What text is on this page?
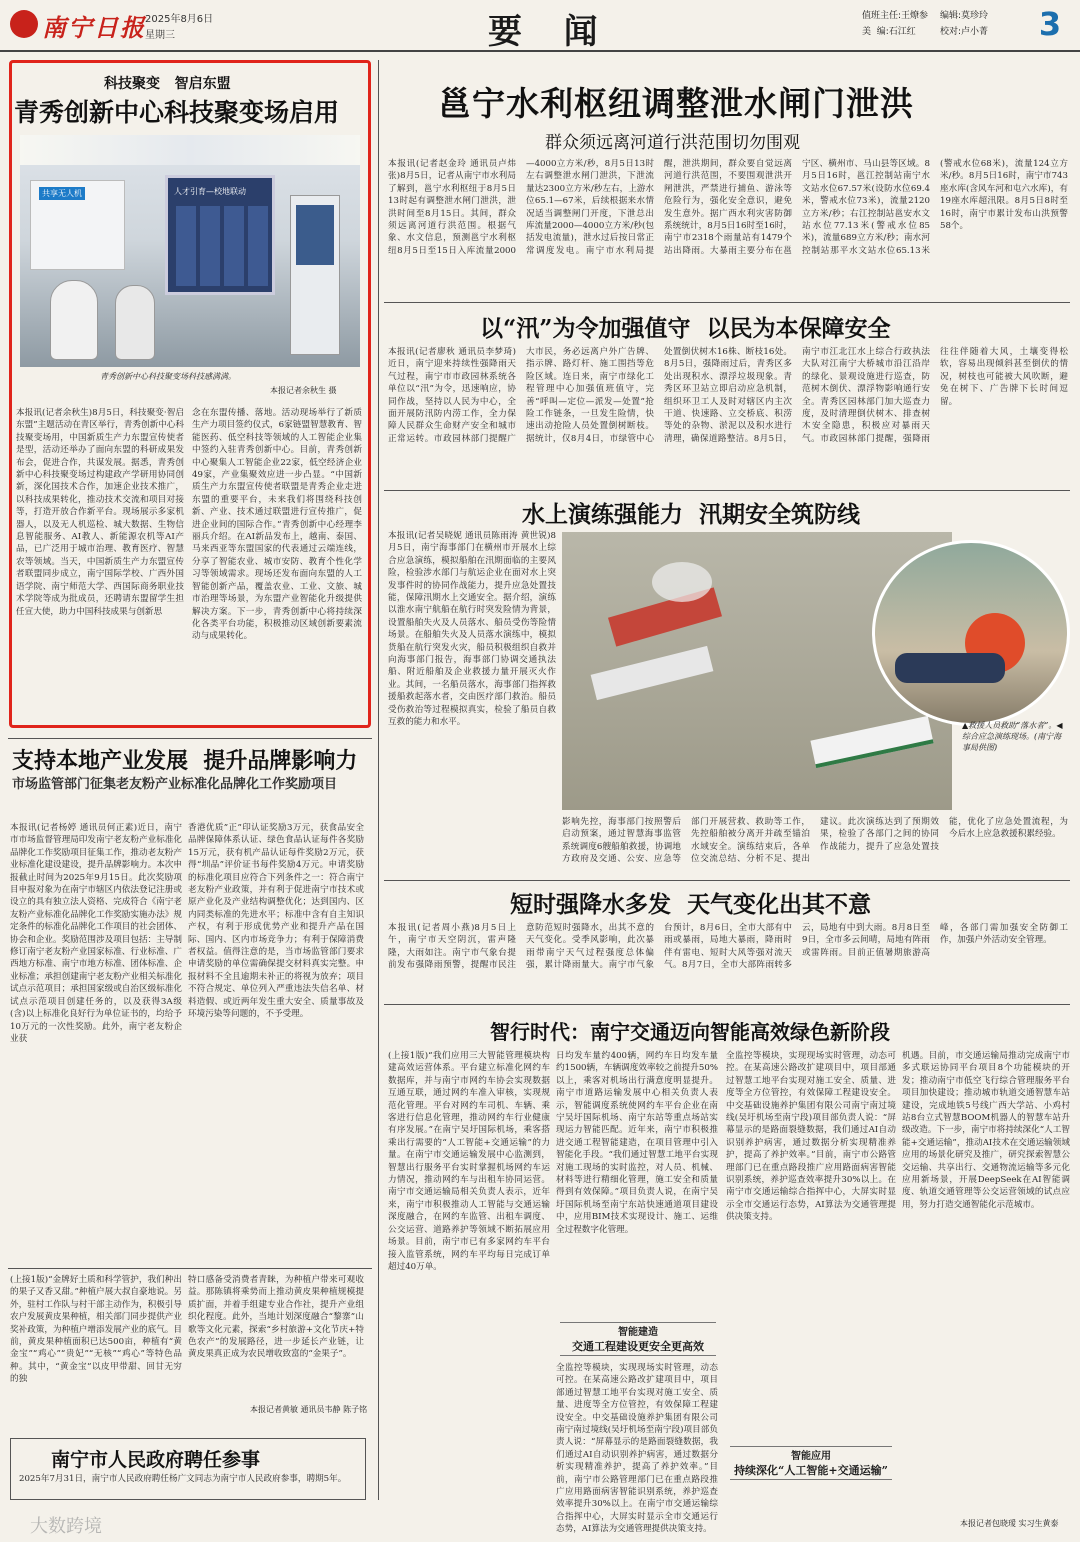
南宁日报 2025年8月6日
星期三	要  闻	值班主任:王燎参 编辑:莫珍玲
美  编:石江红	校对:卢小菁 3
科技聚变   智启东盟
青秀创新中心科技聚变场启用
人才引育—校地联动
共享无人机
青秀创新中心科技聚变场科技感满满。
本报记者余秋生 摄
本报讯(记者余秋生)8月5日，科技聚变·智启东盟”主题活动在青区举行，青秀创新中心科技聚变场用，中国新质生产力东盟宣传使者是型，活动还举办了面向东盟的科研成果发布会，促进合作，共谋发展。据悉，青秀创新中心科技聚变场过构建政产学研用协同创新，深化国技术合作，加速企业技术推广，以科技成果转化，推动技术交流和项目对接等，打造开放合作新平台。现场展示多家机器人，以及无人机巡检、城大数据、生物信息智能服务、AI教人、新能源农机等AI产品，已广泛用于城市治理、教育医疗、智慧农等领域。当天，中国新质生产力东盟宣传者联盟同步成立，南宁国际学校、广西外国语学院、南宁师范大学、西国际商务职业技术学院等成为批成员，还聘请东盟留学生担任宣大使，助力中国科技成果与创新思
念在东盟传播、落地。活动现场举行了新质生产力项目签约仪式，6家链盟智慧教育、智能医药、低空科技等领域的人工智能企业集中签约入驻青秀创新中心。目前，青秀创新中心聚集人工智能企业22家，低空经济企业49家，产业集聚效应进一步凸显。“中国新质生产力东盟宣传使者联盟是青秀企业走进东盟的重要平台，未来我们将围绕科技创新、产业、技术通过联盟进行宣传推广，促进企业间的国际合作。”青秀创新中心经理李丽兵介绍。在AI新品发布上，越南、泰国、马来西亚等东盟国家的代表通过云端连线，分享了智能农业、城市安防、教育个性化学习等领域需求。现场还发布面向东盟的人工智能创新产品，覆盖农业、工业、文旅、城市治理等场景，为东盟产业智能化升级提供解决方案。下一步，青秀创新中心将持续深化各类平台功能，积极推动区域创新要素流动与成果转化。
支持本地产业发展  提升品牌影响力
市场监管部门征集老友粉产业标准化品牌化工作奖励项目
本报讯(记者杨婷 通讯员何正素)近日，南宁市市场监督管理局印发南宁老友粉产业标准化品牌化工作奖励项目征集工作，推动老友粉产业标准化建设建设，提升品牌影响力。本次申报截止时间为2025年9月15日。此次奖励项目申报对象为在南宁市辖区内依法登记注册或设立的具有独立法人资格、完成符合《南宁老友粉产业标准化品牌化工作奖励实施办法》规定条件的标准化品牌化工作项目的社会团体、协会和企业。奖励范围涉及项目包括：主导制修订南宁老友粉产业国家标准、行业标准、广西地方标准、南宁市地方标准、团体标准、企业标准；承担创建南宁老友粉产业相关标准化试点示范项目；承担国家级或自治区级标准化试点示范项目创建任务的，以及获得3A级(含)以上标准化良好行为单位证书的，均给予10万元的一次性奖励。此外，南宁老友粉企业获
香港优质”正”印认证奖励3万元，获食品安全品牌保障体系认证、绿色食品认证每件各奖励15万元，获有机产品认证每件奖励2万元，获得“圳品”评价证书每件奖励4万元。申请奖励的标准化项目应符合下列条件之一：符合南宁老友粉产业政策，并有利于促进南宁市技术或原产业化及产业结构调整优化；达到国内、区内同类标准的先进水平；标准中含有自主知识产权，有利于形成优势产业和提升产品在国际、国内、区内市场竞争力；有利于保障消费者权益。值得注意的是，当市场监管部门要求申请奖励的单位需确保提交材料真实完整。申报材料不全且逾期未补正的将视为放弃；项目不符合规定、单位列入严重违法失信名单、材料造假、或近两年发生重大安全、质量事故及环境污染等问题的，不予受理。
(上接1版)“金牌好土质和科学管护，我们种出的果子又香又甜。”种植户展大叔自豪地说。另外，驻村工作队与村干部主动作为，积极引导农户发展黄皮果种植，相关部门同步提供产业奖补政策，为种植户增添发展产业的底气。目前，黄皮果种植面积已达500亩，种植有“黄金宝”“鸡心”“贵妃”“无核”“鸡心”等特色品种。其中，“黄金宝”以皮甲带甜、回甘无穷的独
特口感备受消费者青睐，为种植户带来可观收益。那陈镇将乘势而上推动黄皮果种植规模提质扩面，并着手组建专业合作社，提升产业组织化程度。此外，当地计划深度融合“黎寨”山歌等文化元素，探索“乡村旅游+文化节庆+特色农产”的发展路径，进一步延长产业链，让黄皮果真正成为农民增收致富的“金果子”。
本报记者黄敏 通讯员韦静 陈子铭
南宁市人民政府聘任参事
2025年7月31日，南宁市人民政府聘任杨广文同志为南宁市人民政府参事，聘期5年。
邕宁水利枢纽调整泄水闸门泄洪
群众须远离河道行洪范围切勿围观
本报讯(记者赵金玲 通讯员卢炜张)8月5日，记者从南宁市水利局了解到，邕宁水利枢纽于8月5日13时起有调整泄水闸门泄洪，泄洪时间至8月15日。其间，群众须远离河道行洪范围。根据气象、水文信息，预测邕宁水利枢纽8月5日至15日入库流量2000—4000立方米/秒，8月5日13时左右调整泄水闸门泄洪，下泄流量达2300立方米/秒左右，上游水位65.1—67米，后续根据来水情况适当调整闸门开度，下泄总出库流量2000—4000立方米/秒(包括发电流量)，泄水过后按日常正常调度发电。南宁市水利局提醒，泄洪期间，群众要自觉远离河道行洪范围，不要围观泄洪开闸泄洪，严禁进行捕鱼、游泳等危险行为，强化安全意识，避免发生意外。据广西水利灾害防御系统统计，8月5日16时至16时，南宁市2318个雨量站有1479个站出降雨。大暴雨主要分布在邕宁区、横州市、马山县等区域。8月5日16时，邕江控制站南宁水文站水位67.57米(设防水位69.4米，警戒水位73米)，流量2120立方米/秒；右江控制站邕安水文站水位77.13米(警戒水位85米)，流量689立方米/秒；南水河控制站那平水文站水位65.13米(警戒水位68米)，流量124立方米/秒。8月5日16时，南宁市743座水库(含风车河和屯六水库)，有19座水库超汛限。8月5日8时至16时，南宁市累计发布山洪预警58个。
以“汛”为令加强值守  以民为本保障安全
本报讯(记者廖秋 通讯员李梦琦)近日，南宁迎来持续性强降雨天气过程，南宁市市政园林系统各单位以“汛”为令，迅速响应，协同作战，坚持以人民为中心，全面开展防汛防内涝工作，全力保障人民群众生命财产安全和城市正常运转。市政园林部门提醒广大市民，务必远离户外广告牌、指示牌、路灯杆、施工围挡等危险区域。连日来，南宁市绿化工程管理中心加强值班值守，完善“呼叫—定位—派发—处置”抢险工作链条，一旦发生险情，快速出动抢险人员处置倒树断枝。据统计，仅8月4日，市绿管中心处置倒伏树木16株、断枝16处。8月5日，强降雨过后，青秀区多处出现积水、漂浮垃圾现象。青秀区环卫站立即启动应急机制，组织环卫工人及时对辖区内主次干道、快速路、立交桥底、积涝等处的杂物、淤泥以及积水进行清理，确保道路整洁。8月5日，南宁市江北江水上综合行政执法大队对江南宁大桥城市沿江沿岸的绿化、景观设施进行巡查，防范树木倒伏、漂浮物影响通行安全。青秀区园林部门加大巡查力度，及时清理倒伏树木、排查树木安全隐患，积极应对暴雨天气。市政园林部门提醒，强降雨往往伴随着大风，土壤变得松软，容易出现倾斜甚至倒伏的情况，树枝也可能被大风吹断，避免在树下、广告牌下长时间逗留。
水上演练强能力  汛期安全筑防线
本报讯(记者吴晓妮 通讯员陈雨涛 黄世锐)8月5日，南宁海事部门在横州市开展水上综合应急演练，模拟船舶在汛期面临的主要风险，检验涉水部门与航运企业在面对水上突发事件时的协同作战能力，提升应急处置技能，保障汛期水上交通安全。据介绍，演练以淮水南宁航船在航行时突发险情为背景，设置船舶失火及人员落水、船员受伤等险情场景。在船舶失火及人员落水演练中，模拟货船在航行突发火灾，船员积极组织自救并向海事部门报告，海事部门协调交通执法船、附近船舶及企业救援力量开展灭火作业。其间，一名船员落水，海事部门指挥救援船救起落水者，交由医疗部门救治。船员受伤救治等过程模拟真实，检验了船员自救互救的能力和水平。	▲救援人员救助“落水者”。◀综合应急演练现场。(南宁海事局供图)
影响先控，海事部门按照警后启动预案，通过智慧海事监管系统调度6艘船舶救援，协调地方政府及交通、公安、应急等部门开展营救、救助等工作，先控船舶被分离开并疏至锚泊水域安全。演练结束后，各单位交流总结、分析不足、提出建议。此次演练达到了预期效果，检验了各部门之间的协同作战能力，提升了应急处置技能，优化了应急处置流程，为今后水上应急救援积累经验。
短时强降水多发  天气变化出其不意
本报讯(记者周小燕)8月5日上午，南宁市天空阴沉，雷声隆隆，大雨如注。南宁市气象台提前发布强降雨预警，提醒市民注意防范短时强降水，出其不意的天气变化。受季风影响，此次暴雨带南宁天气过程强度总体偏强，累计降雨量大。南宁市气象台预计，8月6日，全市大部有中雨或暴雨，局地大暴雨，降雨时伴有雷电、短时大风等强对流天气。8月7日，全市大部阵雨转多云，局地有中到大雨。8月8日至9日，全市多云间晴，局地有阵雨或雷阵雨。目前正值暑期旅游高峰，各部门需加强安全防御工作，加强户外活动安全管理。
智行时代：南宁交通迈向智能高效绿色新阶段
(上接1版)“我们应用三大智能管理模块构建高效运营体系。平台建立标准化网约车数据库，并与南宁市网约车协会实现数据互通互联，通过网约车准入审核，实现规范化管理。平台对网约车司机、车辆、乘客进行信息化管理，推动网约车行业健康有序发展。”在南宁吴圩国际机场，乘客搭乘出行需要的“人工智能+交通运输”的力量。在南宁市交通运输发展中心监测到，智慧出行服务平台实时掌握机场网约车运力情况，推动网约车与出租车协同运营。南宁市交通运输局相关负责人表示，近年来，南宁市积极推动人工智能与交通运输深度融合，在网约车监管、出租车调度、公交运营、道路养护等领域不断拓展应用场景。目前，南宁市已有多家网约车平台接入监管系统，网约车平均每日完成订单超过40万单。
日均发车量约400辆，网约车日均发车量约1500辆，车辆调度效率较之前提升50%以上，乘客对机场出行满意度明显提升。南宁市道路运输发展中心相关负责人表示，智能调度系统使网约车平台企业在南宁吴圩国际机场、南宁东站等重点场站实现运力智能匹配。近年来，南宁市积极推进交通工程智能建造，在项目管理中引入智能化手段。“我们通过智慧工地平台实现对施工现场的实时监控，对人员、机械、材料等进行精细化管理，施工安全和质量得到有效保障。”项目负责人说，在南宁吴圩国际机场至南宁东站快速通道项目建设中，应用BIM技术实现设计、施工、运维全过程数字化管理。
智能建造
交通工程建设更安全更高效
全监控等模块，实现现场实时管理，动态可控。在某高速公路改扩建项目中，项目部通过智慧工地平台实现对施工安全、质量、进度等全方位管控，有效保障工程建设安全。中交基础设施养护集团有限公司南宁南过境线(吴圩机场至南宁段)项目部负责人说：“屏幕显示的是路面裂缝数据，我们通过AI自动识别养护病害，通过数据分析实现精准养护，提高了养护效率。”目前，南宁市公路管理部门已在重点路段推广应用路面病害智能识别系统，养护巡查效率提升30%以上。在南宁市交通运输综合指挥中心，大屏实时显示全市交通运行态势，AI算法为交通管理提供决策支持。
全监控等模块，实现现场实时管理，动态可控。在某高速公路改扩建项目中，项目部通过智慧工地平台实现对施工安全、质量、进度等全方位管控，有效保障工程建设安全。中交基础设施养护集团有限公司南宁南过境线(吴圩机场至南宁段)项目部负责人说：“屏幕显示的是路面裂缝数据，我们通过AI自动识别养护病害，通过数据分析实现精准养护，提高了养护效率。”目前，南宁市公路管理部门已在重点路段推广应用路面病害智能识别系统，养护巡查效率提升30%以上。在南宁市交通运输综合指挥中心，大屏实时显示全市交通运行态势，AI算法为交通管理提供决策支持。
智能应用
持续深化“人工智能+交通运输”
机遇。目前，市交通运输局推动完成南宁市多式联运协同平台项目8个功能模块的开发；推动南宁市低空飞行综合管理服务平台项目加快建设；推动城市轨道交通智慧车站建设，完成地铁5号线广西大学站、小鸡村站8台立式智慧BOOM机器人的智慧车站升级改造。下一步，南宁市将持续深化“人工智能+交通运输”，推动AI技术在交通运输领域应用的场景化研究及推广，研究探索智慧公交运输、共享出行、交通物流运输等多元化应用新场景，开展DeepSeek在AI智能调度、轨道交通管理等公交运营领域的试点应用，努力打造交通智能化示范城市。
本报记者包晓瑷 实习生黄泰
大数跨境
